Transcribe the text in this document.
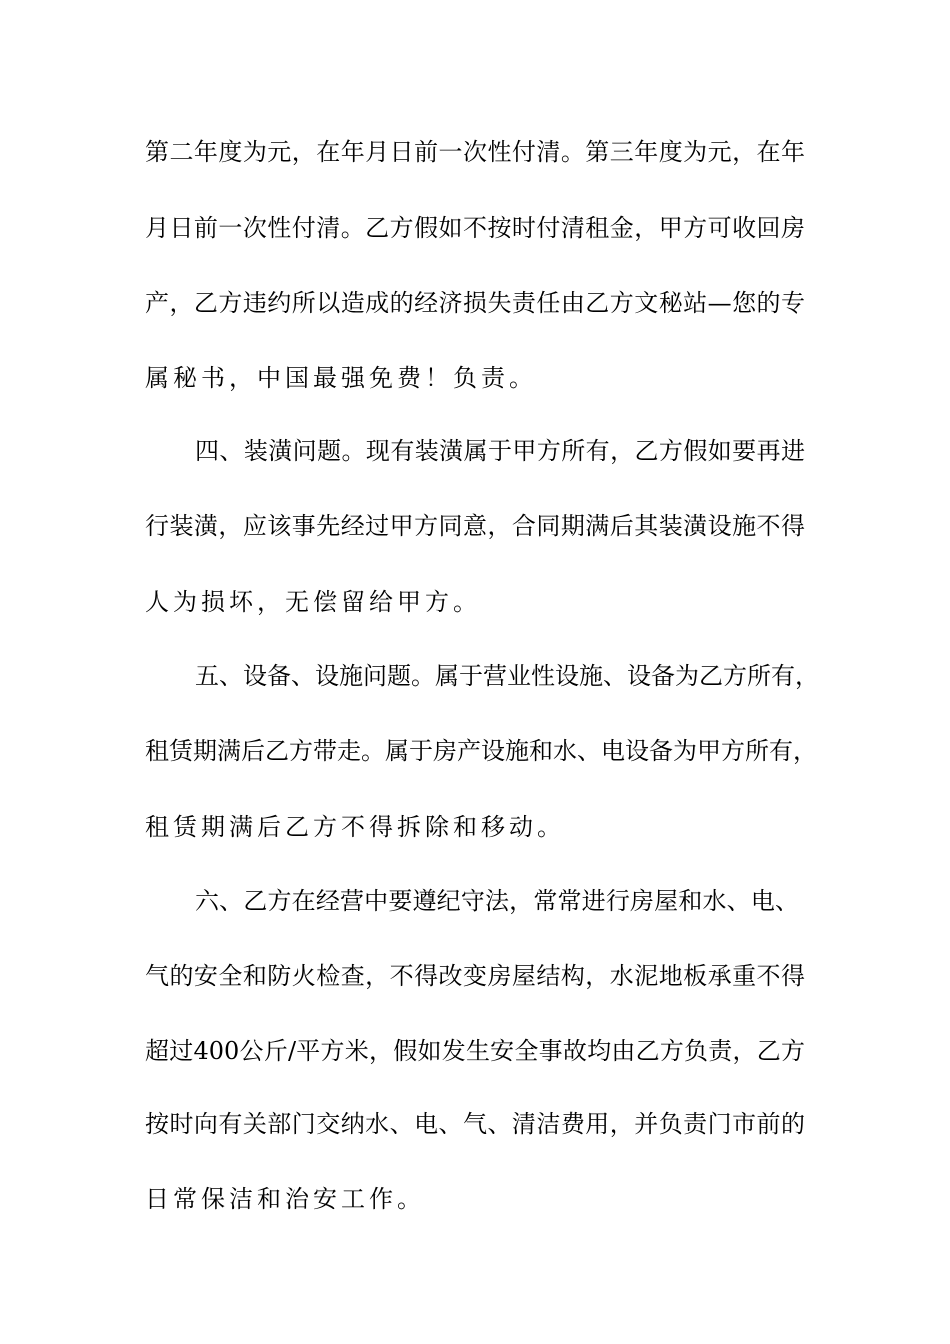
第二年度为元，在年月日前一次性付清。第三年度为元，在年
月日前一次性付清。乙方假如不按时付清租金，甲方可收回房
产，乙方违约所以造成的经济损失责任由乙方文秘站—您的专
属秘书，中国最强免费！负责。
四、装潢问题。现有装潢属于甲方所有，乙方假如要再进
行装潢，应该事先经过甲方同意，合同期满后其装潢设施不得
人为损坏，无偿留给甲方。
五、设备、设施问题。属于营业性设施、设备为乙方所有，
租赁期满后乙方带走。属于房产设施和水、电设备为甲方所有，
租赁期满后乙方不得拆除和移动。
六、乙方在经营中要遵纪守法，常常进行房屋和水、电、
气的安全和防火检查，不得改变房屋结构，水泥地板承重不得
超过400公斤/平方米，假如发生安全事故均由乙方负责，乙方
按时向有关部门交纳水、电、气、清洁费用，并负责门市前的
日常保洁和治安工作。
